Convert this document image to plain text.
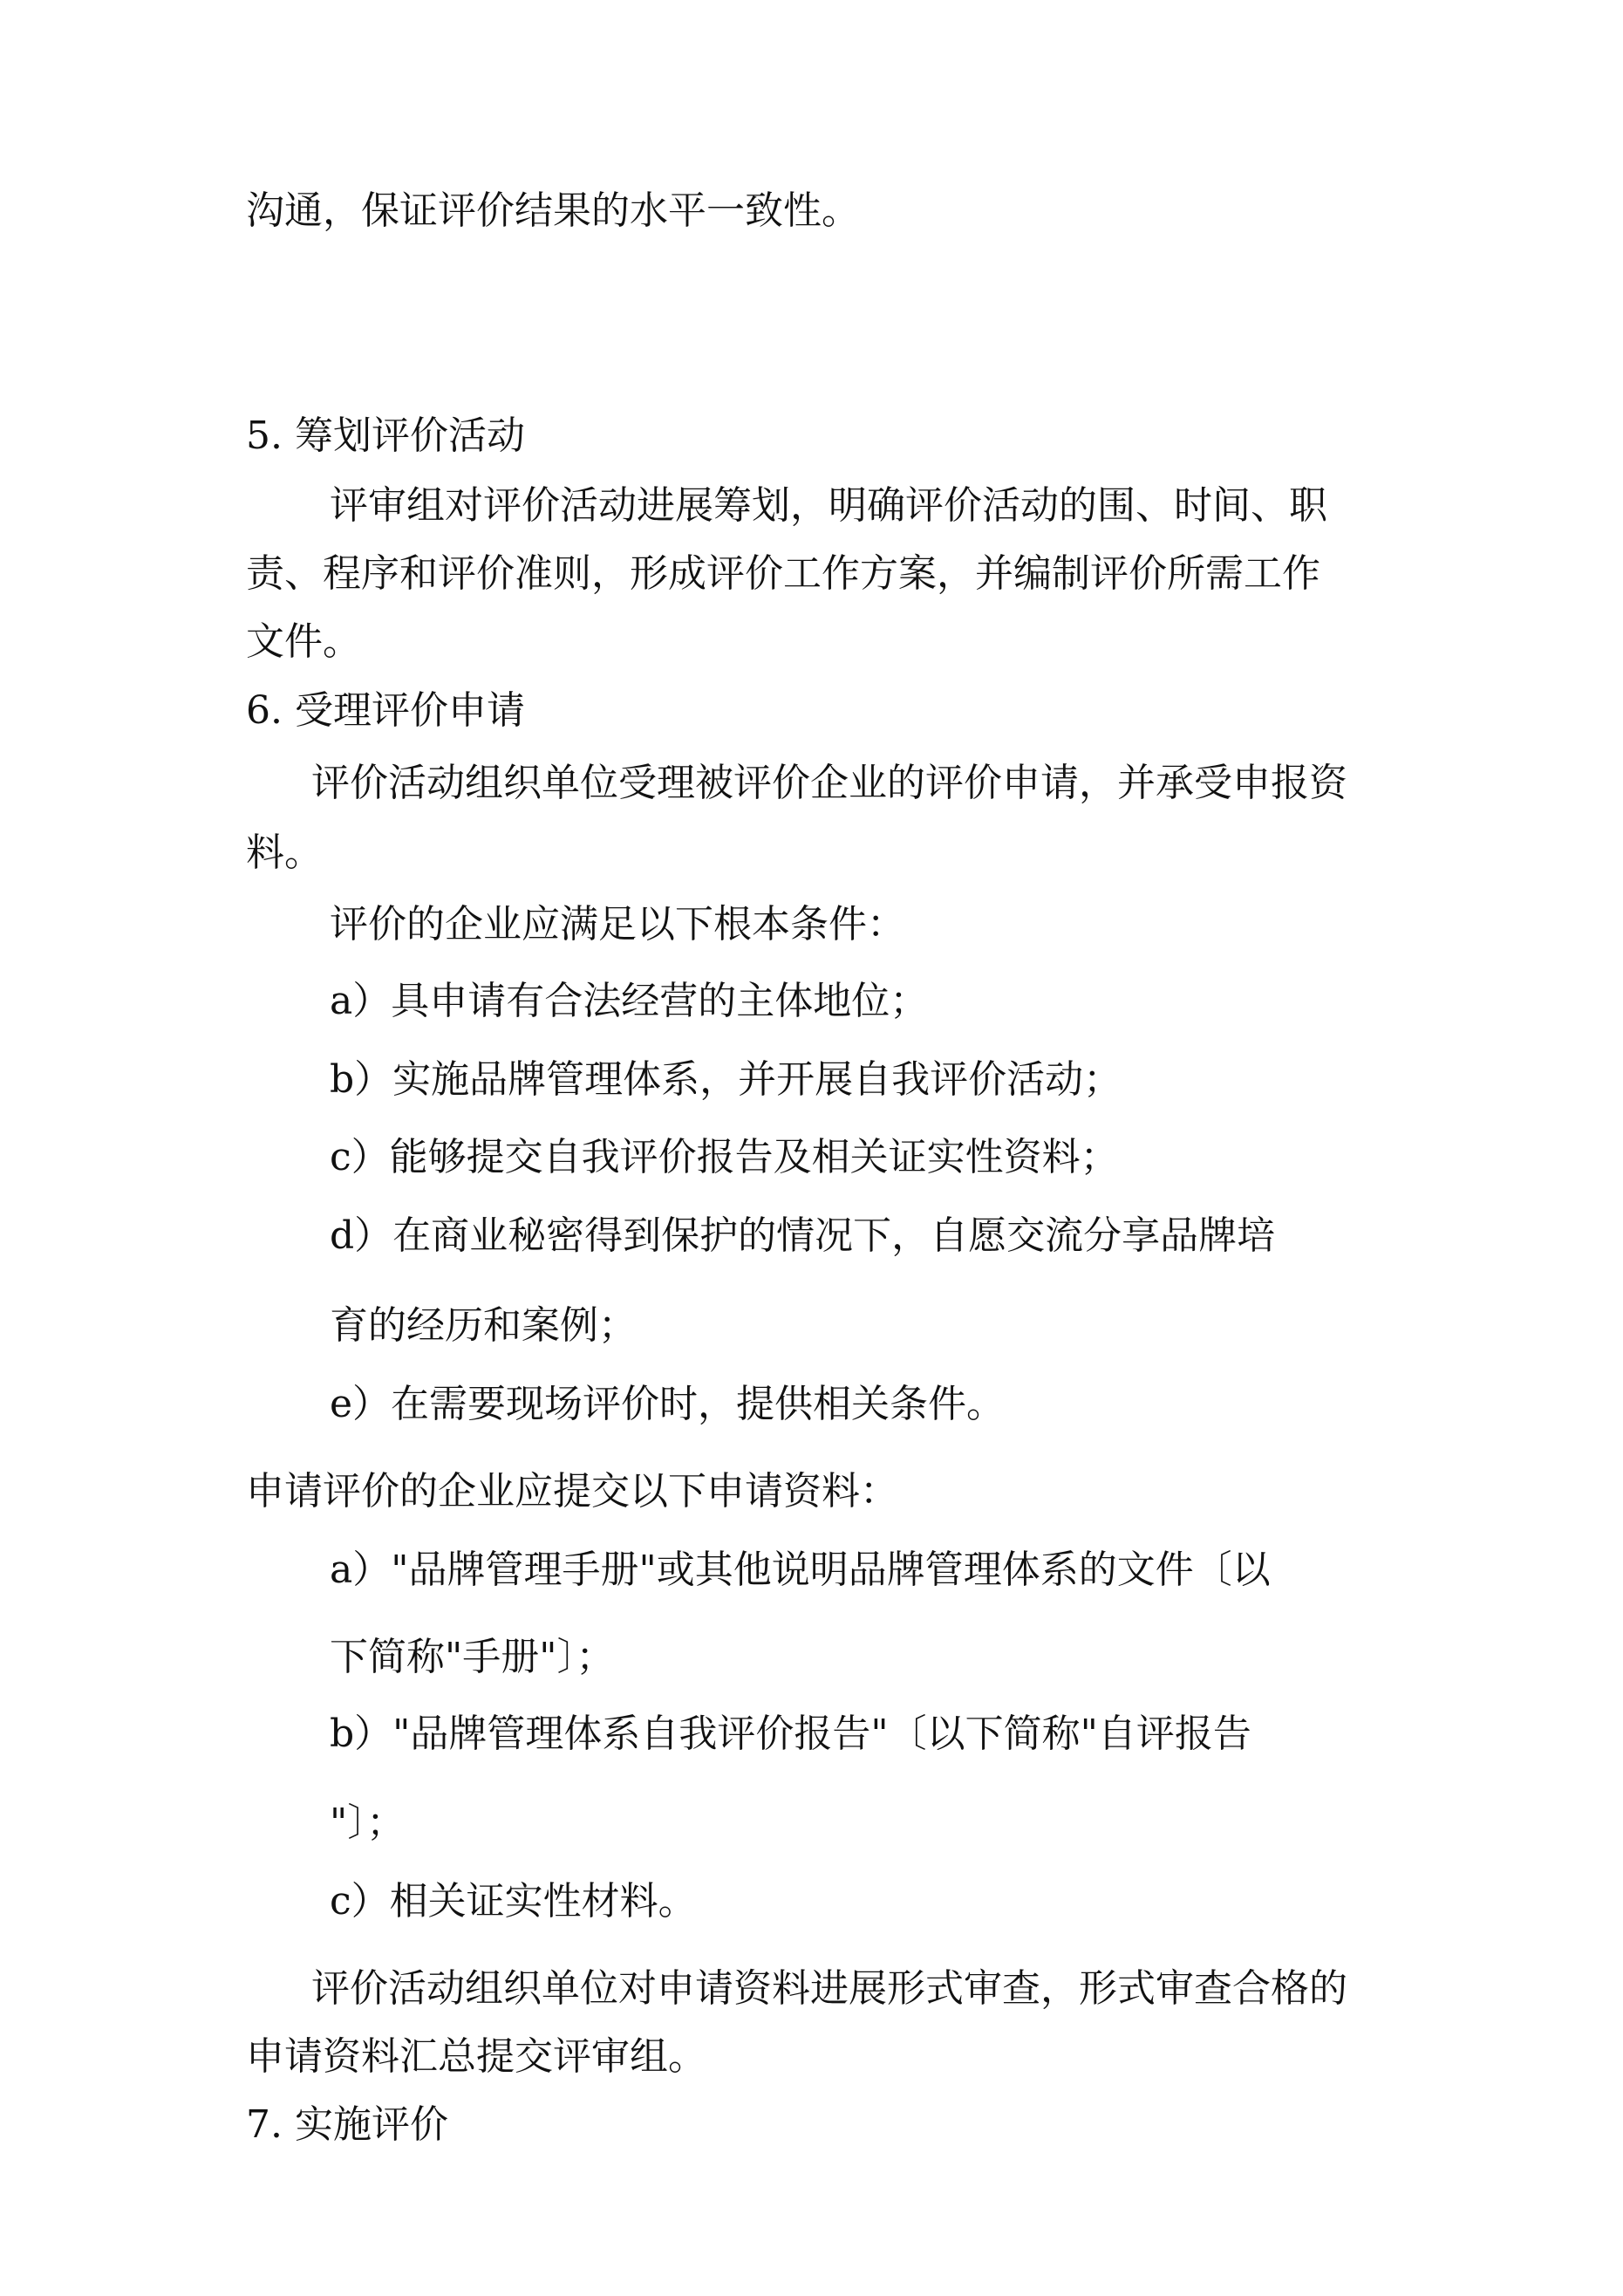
沟通，保证评价结果的水平一致性。
5. 筹划评价活动
评审组对评价活动进展筹划，明确评价活动的围、时间、职
责、程序和评价准则，形成评价工作方案，并编制评价所需工作
文件。
6. 受理评价申请
评价活动组织单位受理被评价企业的评价申请，并承受申报资
料。
评价的企业应满足以下根本条件：
a）具申请有合法经营的主体地位；
b）实施品牌管理体系，并开展自我评价活动；
c）能够提交自我评价报告及相关证实性资料；
d）在商业秘密得到保护的情况下，自愿交流分享品牌培
育的经历和案例；
e）在需要现场评价时，提供相关条件。
申请评价的企业应提交以下申请资料：
a）"品牌管理手册"或其他说明品牌管理体系的文件〔以
下简称"手册"〕；
b）"品牌管理体系自我评价报告"〔以下简称"自评报告
"〕；
c）相关证实性材料。
评价活动组织单位对申请资料进展形式审查，形式审查合格的
申请资料汇总提交评审组。
7. 实施评价
